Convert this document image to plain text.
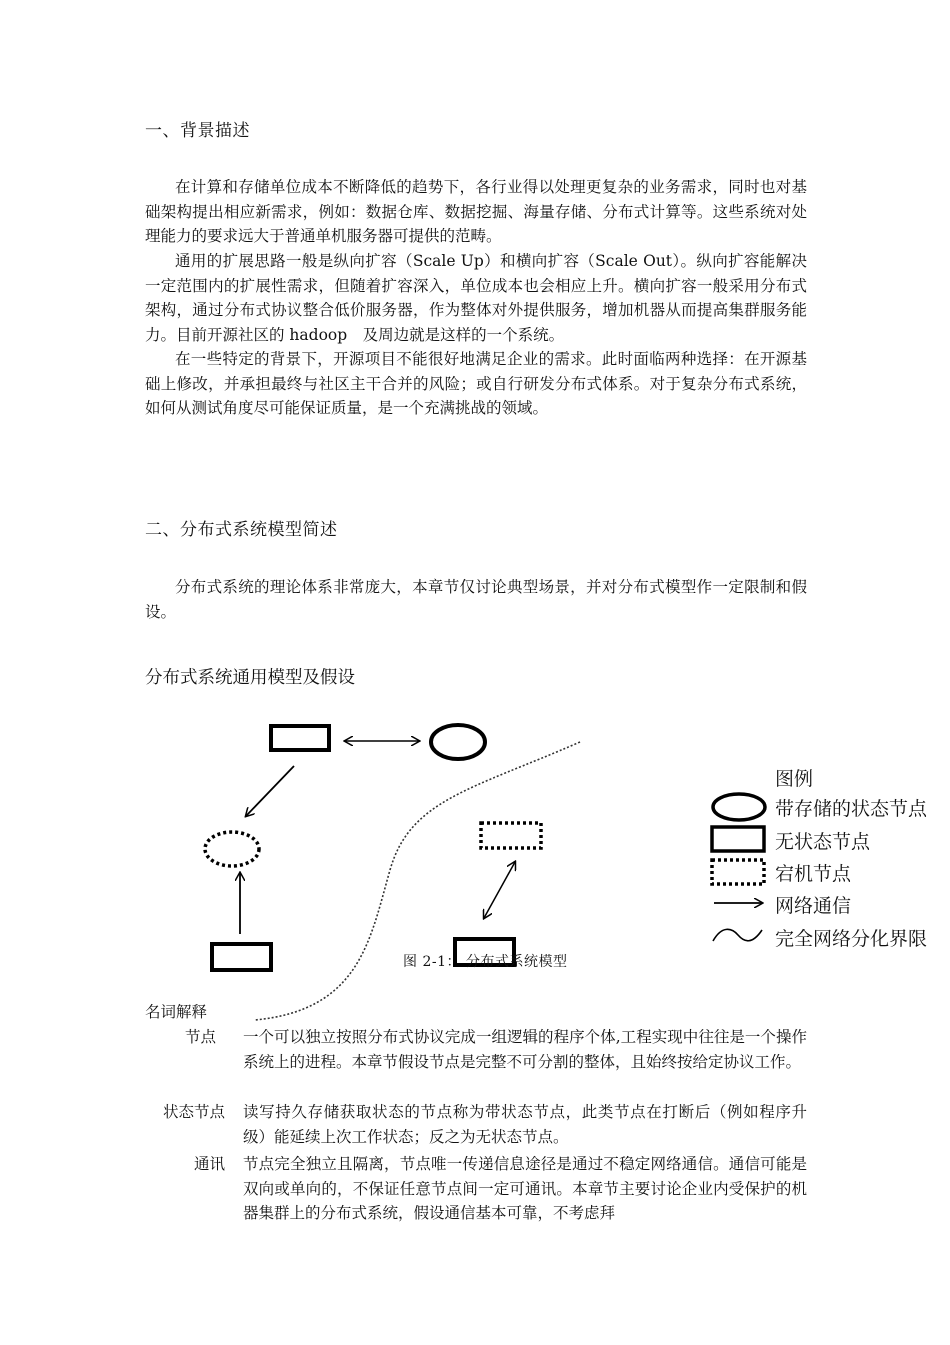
一、背景描述

在计算和存储单位成本不断降低的趋势下，各行业得以处理更复杂的业务需求，同时也对基础架构提出相应新需求，例如：数据仓库、数据挖掘、海量存储、分布式计算等。这些系统对处理能力的要求远大于普通单机服务器可提供的范畴。

通用的扩展思路一般是纵向扩容（Scale Up）和横向扩容（Scale Out）。纵向扩容能解决一定范围内的扩展性需求，但随着扩容深入，单位成本也会相应上升。横向扩容一般采用分布式架构，通过分布式协议整合低价服务器，作为整体对外提供服务，增加机器从而提高集群服务能力。目前开源社区的 hadoop　及周边就是这样的一个系统。

在一些特定的背景下，开源项目不能很好地满足企业的需求。此时面临两种选择：在开源基础上修改，并承担最终与社区主干合并的风险；或自行研发分布式体系。对于复杂分布式系统，如何从测试角度尽可能保证质量，是一个充满挑战的领域。

二、分布式系统模型简述

分布式系统的理论体系非常庞大，本章节仅讨论典型场景，并对分布式模型作一定限制和假设。

分布式系统通用模型及假设
图 2-1： 分布式系统模型
图例
带存储的状态节点
无状态节点
宕机节点
网络通信
完全网络分化界限
名词解释
节点 一个可以独立按照分布式协议完成一组逻辑的程序个体,工程实现中往往是一个操作系统上的进程。本章节假设节点是完整不可分割的整体，且始终按给定协议工作。

状态节点 读写持久存储获取状态的节点称为带状态节点，此类节点在打断后（例如程序升级）能延续上次工作状态；反之为无状态节点。

通讯 节点完全独立且隔离，节点唯一传递信息途径是通过不稳定网络通信。通信可能是双向或单向的，不保证任意节点间一定可通讯。本章节主要讨论企业内受保护的机器集群上的分布式系统，假设通信基本可靠，不考虑拜
